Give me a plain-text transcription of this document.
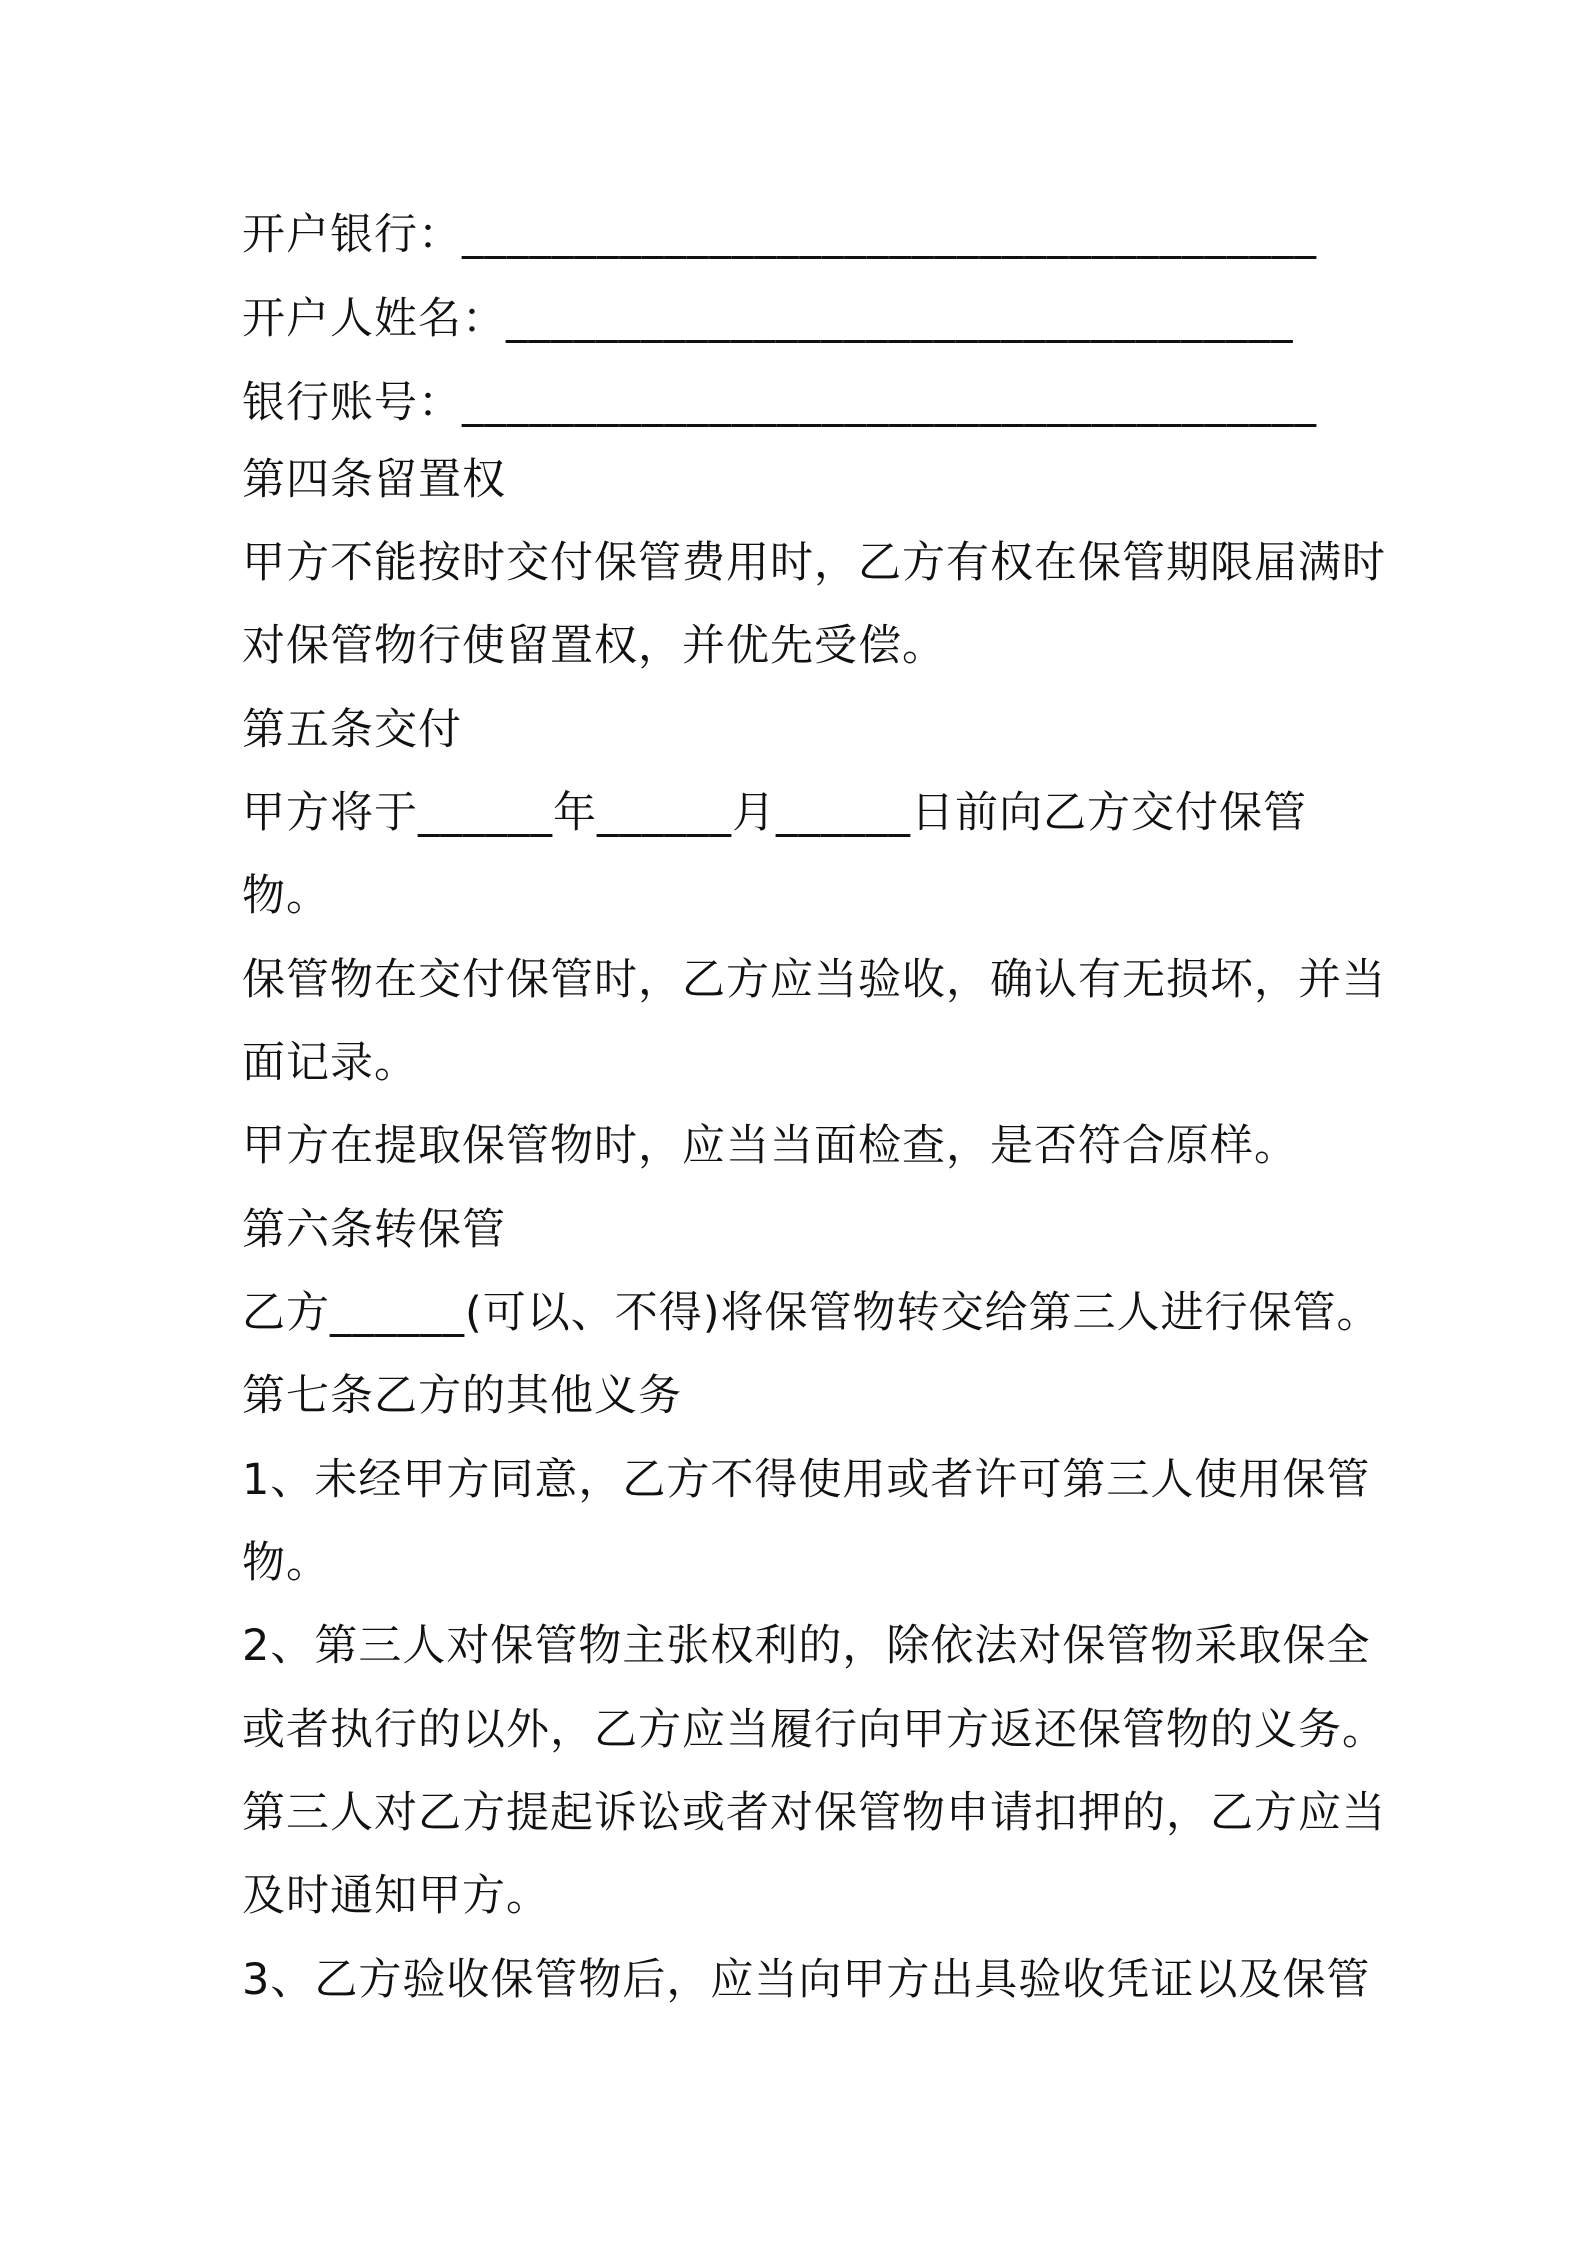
开户银行：______________________________________
开户人姓名：___________________________________
银行账号：______________________________________
第四条留置权
甲方不能按时交付保管费用时，乙方有权在保管期限届满时
对保管物行使留置权，并优先受偿。
第五条交付
甲方将于______年______月______日前向乙方交付保管
物。
保管物在交付保管时，乙方应当验收，确认有无损坏，并当
面记录。
甲方在提取保管物时，应当当面检查，是否符合原样。
第六条转保管
乙方______(可以、不得)将保管物转交给第三人进行保管。
第七条乙方的其他义务
1、未经甲方同意，乙方不得使用或者许可第三人使用保管
物。
2、第三人对保管物主张权利的，除依法对保管物采取保全
或者执行的以外，乙方应当履行向甲方返还保管物的义务。
第三人对乙方提起诉讼或者对保管物申请扣押的，乙方应当
及时通知甲方。
3、乙方验收保管物后，应当向甲方出具验收凭证以及保管
